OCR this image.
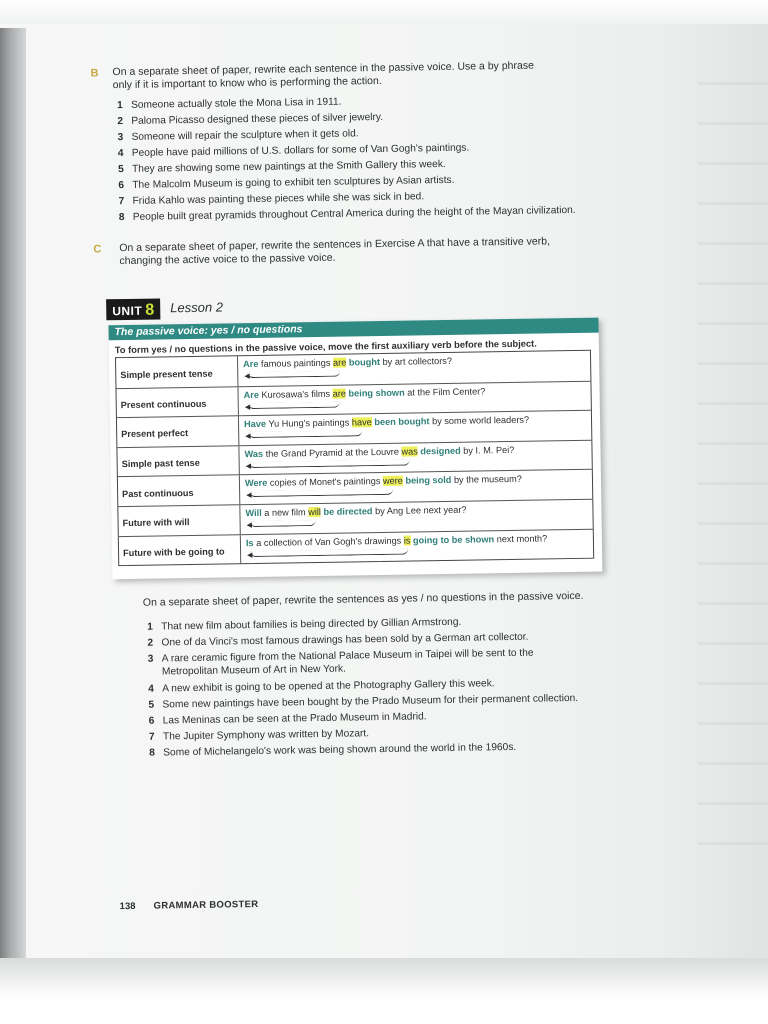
B On a separate sheet of paper, rewrite each sentence in the passive voice. Use a by phrase
only if it is important to know who is performing the action.
1 Someone actually stole the Mona Lisa in 1911.
2 Paloma Picasso designed these pieces of silver jewelry.
3 Someone will repair the sculpture when it gets old.
4 People have paid millions of U.S. dollars for some of Van Gogh's paintings.
5 They are showing some new paintings at the Smith Gallery this week.
6 The Malcolm Museum is going to exhibit ten sculptures by Asian artists.
7 Frida Kahlo was painting these pieces while she was sick in bed.
8 People built great pyramids throughout Central America during the height of the Mayan civilization.
C On a separate sheet of paper, rewrite the sentences in Exercise A that have a transitive verb,
changing the active voice to the passive voice.
UNIT 8	Lesson 2
The passive voice: yes / no questions
To form yes / no questions in the passive voice, move the first auxiliary verb before the subject.
Simple present tense
Are famous paintings are bought by art collectors?
◀
Present continuous
Are Kurosawa's films are being shown at the Film Center?
◀
Present perfect
Have Yu Hung's paintings have been bought by some world leaders?
◀
Simple past tense
Was the Grand Pyramid at the Louvre was designed by I. M. Pei?
◀
Past continuous
Were copies of Monet's paintings were being sold by the museum?
◀
Future with will
Will a new film will be directed by Ang Lee next year?
◀
Future with be going to
Is a collection of Van Gogh's drawings is going to be shown next month?
◀
On a separate sheet of paper, rewrite the sentences as yes / no questions in the passive voice.
1 That new film about families is being directed by Gillian Armstrong.
2 One of da Vinci's most famous drawings has been sold by a German art collector.
3 A rare ceramic figure from the National Palace Museum in Taipei will be sent to the
Metropolitan Museum of Art in New York.
4 A new exhibit is going to be opened at the Photography Gallery this week.
5 Some new paintings have been bought by the Prado Museum for their permanent collection.
6 Las Meninas can be seen at the Prado Museum in Madrid.
7 The Jupiter Symphony was written by Mozart.
8 Some of Michelangelo's work was being shown around the world in the 1960s.
138 GRAMMAR BOOSTER
